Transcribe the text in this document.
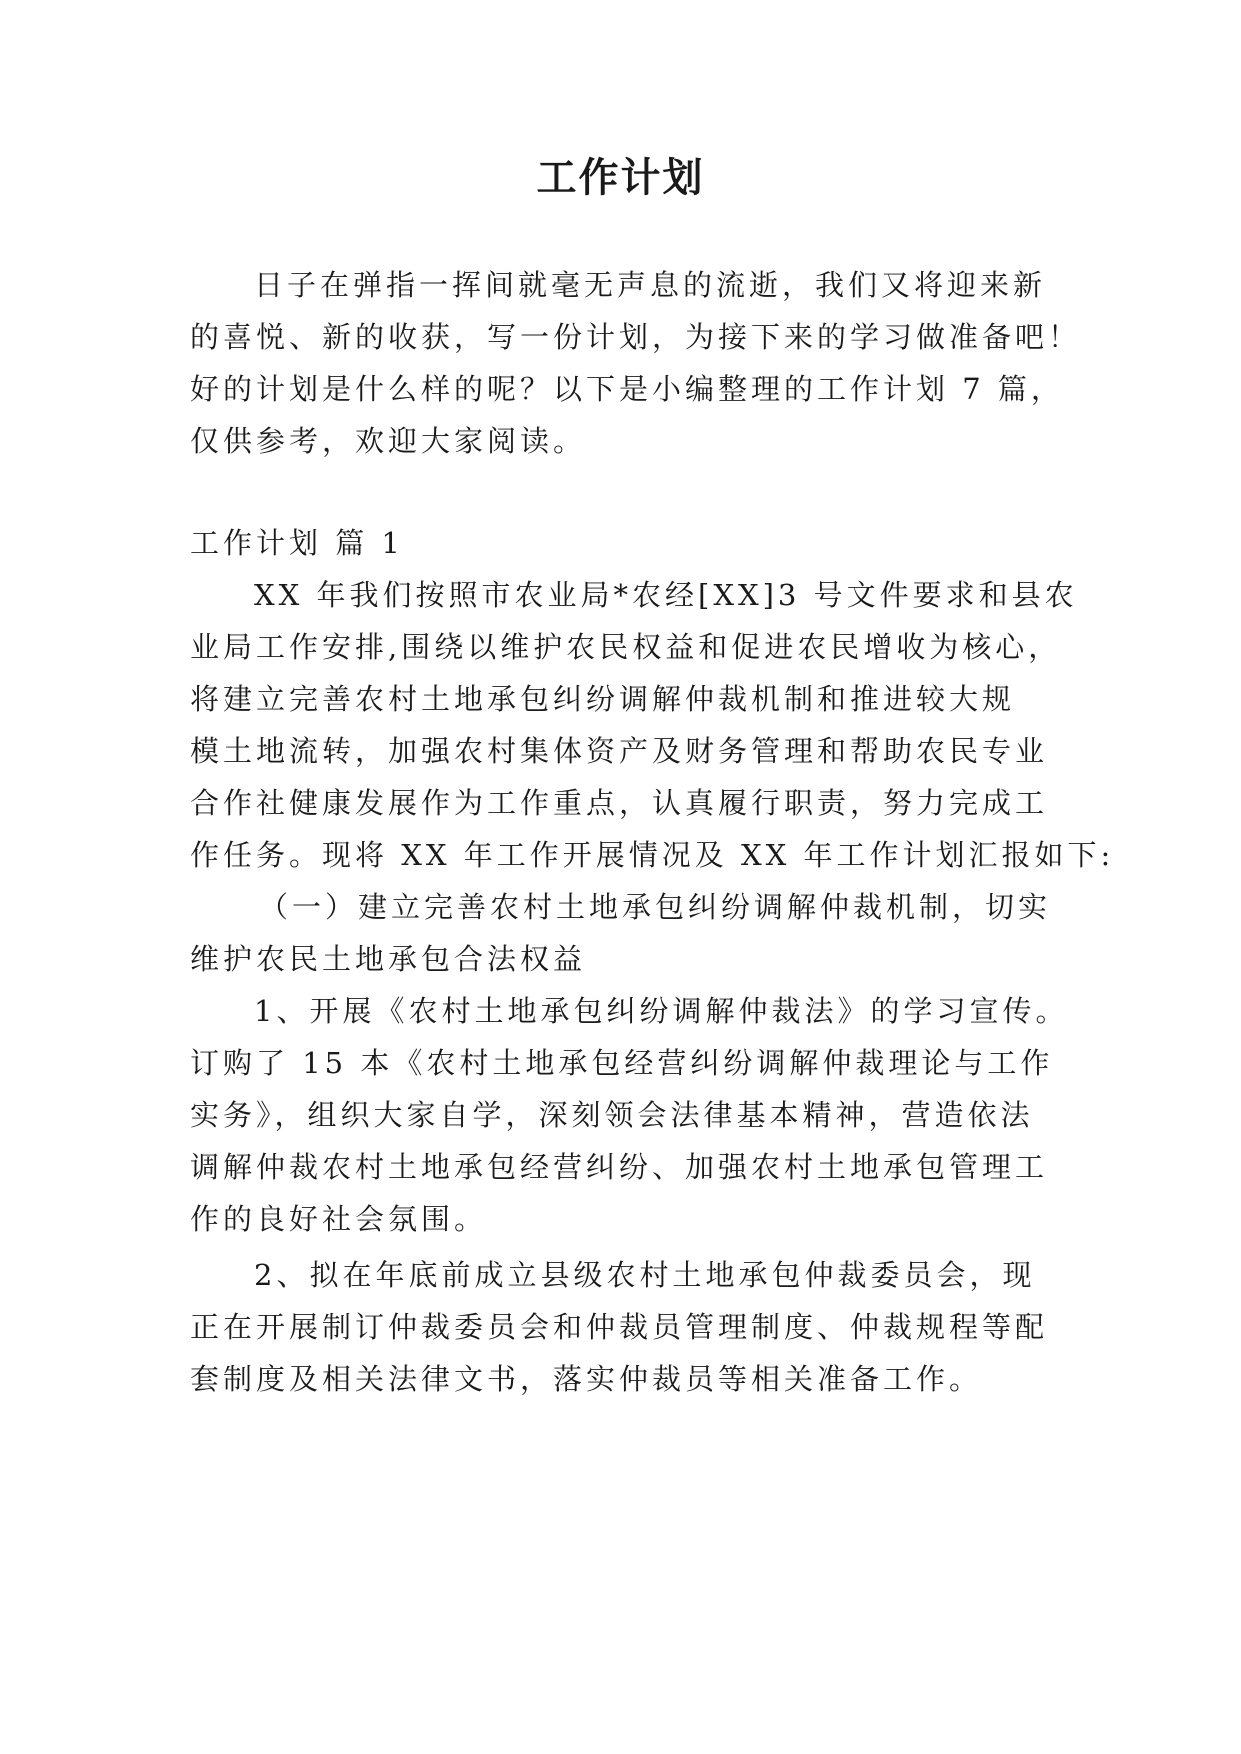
工作计划

日子在弹指一挥间就毫无声息的流逝，我们又将迎来新

的喜悦、新的收获，写一份计划，为接下来的学习做准备吧！

好的计划是什么样的呢？以下是小编整理的工作计划 7 篇，

仅供参考，欢迎大家阅读。

工作计划 篇 1

XX 年我们按照市农业局*农经[XX]3 号文件要求和县农

业局工作安排,围绕以维护农民权益和促进农民增收为核心，

将建立完善农村土地承包纠纷调解仲裁机制和推进较大规

模土地流转，加强农村集体资产及财务管理和帮助农民专业

合作社健康发展作为工作重点，认真履行职责，努力完成工

作任务。现将 XX 年工作开展情况及 XX 年工作计划汇报如下:

（一）建立完善农村土地承包纠纷调解仲裁机制，切实

维护农民土地承包合法权益

1、开展《农村土地承包纠纷调解仲裁法》的学习宣传。

订购了 15 本《农村土地承包经营纠纷调解仲裁理论与工作

实务》，组织大家自学，深刻领会法律基本精神，营造依法

调解仲裁农村土地承包经营纠纷、加强农村土地承包管理工

作的良好社会氛围。

2、拟在年底前成立县级农村土地承包仲裁委员会，现

正在开展制订仲裁委员会和仲裁员管理制度、仲裁规程等配

套制度及相关法律文书，落实仲裁员等相关准备工作。
